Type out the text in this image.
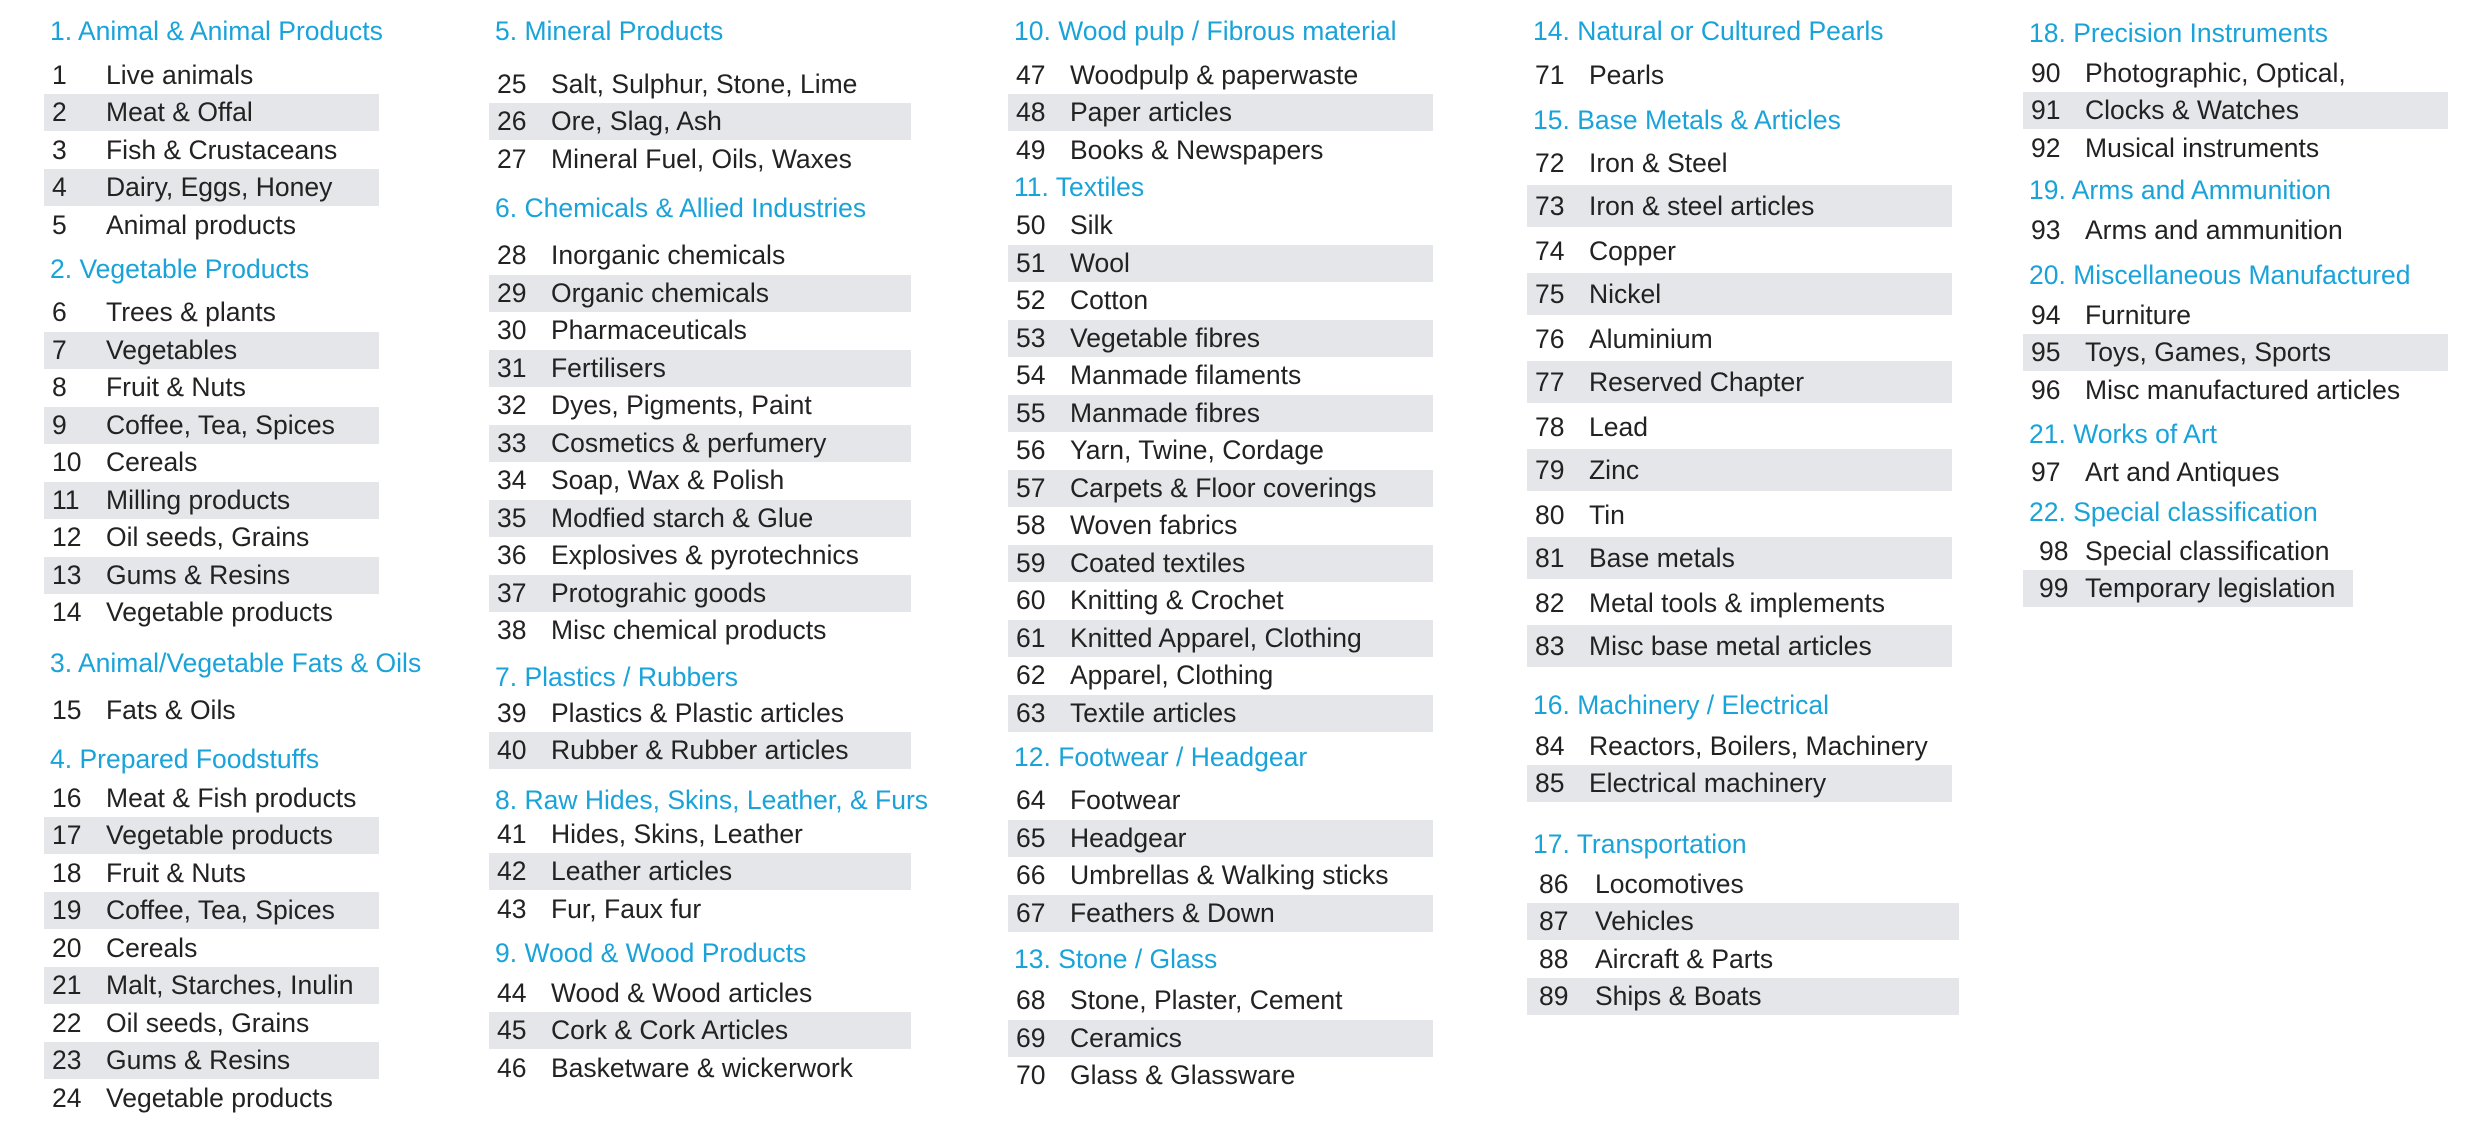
1. Animal & Animal Products
1 Live animals
2 Meat & Offal
3 Fish & Crustaceans
4 Dairy, Eggs, Honey
5 Animal products
2. Vegetable Products
6 Trees & plants
7 Vegetables
8 Fruit & Nuts
9 Coffee, Tea, Spices
10 Cereals
11 Milling products
12 Oil seeds, Grains
13 Gums & Resins
14 Vegetable products
3. Animal/Vegetable Fats & Oils
15 Fats & Oils
4. Prepared Foodstuffs
16 Meat & Fish products
17 Vegetable products
18 Fruit & Nuts
19 Coffee, Tea, Spices
20 Cereals
21 Malt, Starches, Inulin
22 Oil seeds, Grains
23 Gums & Resins
24 Vegetable products
5. Mineral Products
25 Salt, Sulphur, Stone, Lime
26 Ore, Slag, Ash
27 Mineral Fuel, Oils, Waxes
6. Chemicals & Allied Industries
28 Inorganic chemicals
29 Organic chemicals
30 Pharmaceuticals
31 Fertilisers
32 Dyes, Pigments, Paint
33 Cosmetics & perfumery
34 Soap, Wax & Polish
35 Modfied starch & Glue
36 Explosives & pyrotechnics
37 Protograhic goods
38 Misc chemical products
7. Plastics / Rubbers
39 Plastics & Plastic articles
40 Rubber & Rubber articles
8. Raw Hides, Skins, Leather, & Furs
41 Hides, Skins, Leather
42 Leather articles
43 Fur, Faux fur
9. Wood & Wood Products
44 Wood & Wood articles
45 Cork & Cork Articles
46 Basketware & wickerwork
10. Wood pulp / Fibrous material
47 Woodpulp & paperwaste
48 Paper articles
49 Books & Newspapers
11. Textiles
50 Silk
51 Wool
52 Cotton
53 Vegetable fibres
54 Manmade filaments
55 Manmade fibres
56 Yarn, Twine, Cordage
57 Carpets & Floor coverings
58 Woven fabrics
59 Coated textiles
60 Knitting & Crochet
61 Knitted Apparel, Clothing
62 Apparel, Clothing
63 Textile articles
12. Footwear / Headgear
64 Footwear
65 Headgear
66 Umbrellas & Walking sticks
67 Feathers & Down
13. Stone / Glass
68 Stone, Plaster, Cement
69 Ceramics
70 Glass & Glassware
14. Natural or Cultured Pearls
71 Pearls
15. Base Metals & Articles
72 Iron & Steel
73 Iron & steel articles
74 Copper
75 Nickel
76 Aluminium
77 Reserved Chapter
78 Lead
79 Zinc
80 Tin
81 Base metals
82 Metal tools & implements
83 Misc base metal articles
16. Machinery / Electrical
84 Reactors, Boilers, Machinery
85 Electrical machinery
17. Transportation
86 Locomotives
87 Vehicles
88 Aircraft & Parts
89 Ships & Boats
18. Precision Instruments
90 Photographic, Optical,
91 Clocks & Watches
92 Musical instruments
19. Arms and Ammunition
93 Arms and ammunition
20. Miscellaneous Manufactured
94 Furniture
95 Toys, Games, Sports
96 Misc manufactured articles
21. Works of Art
97 Art and Antiques
22. Special classification
98 Special classification
99 Temporary legislation
